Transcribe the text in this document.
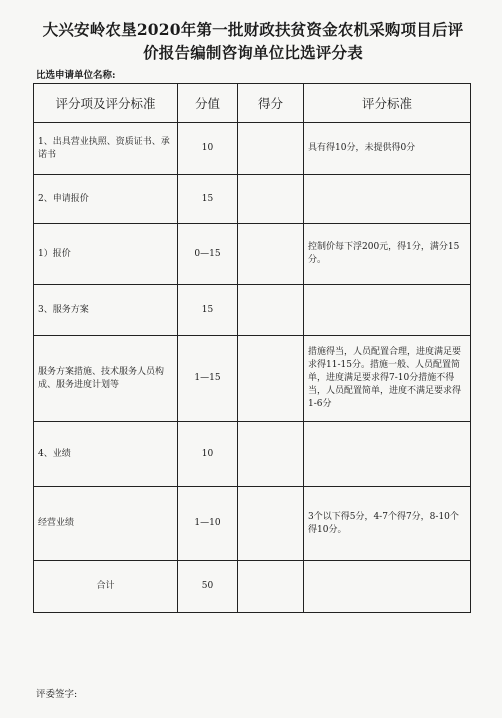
大兴安岭农垦2020年第一批财政扶贫资金农机采购项目后评
价报告编制咨询单位比选评分表
比选申请单位名称:
评分项及评分标准	分值	得分	评分标准
1、出具营业执照、资质证书、承诺书	10		具有得10分，未提供得0分
2、申请报价	15		
1）报价	0—15		控制价每下浮200元，得1分，满分15分。
3、服务方案	15		
服务方案措施、技术服务人员构成、服务进度计划等	1—15		措施得当，人员配置合理，进度满足要求得11-15分。措施一般、人员配置简单，进度满足要求得7-10分措施不得当，人员配置简单，进度不满足要求得1-6分
4、业绩	10		
经营业绩	1—10		3个以下得5分，4-7个得7分，8-10个得10分。
合计	50		
评委签字:
